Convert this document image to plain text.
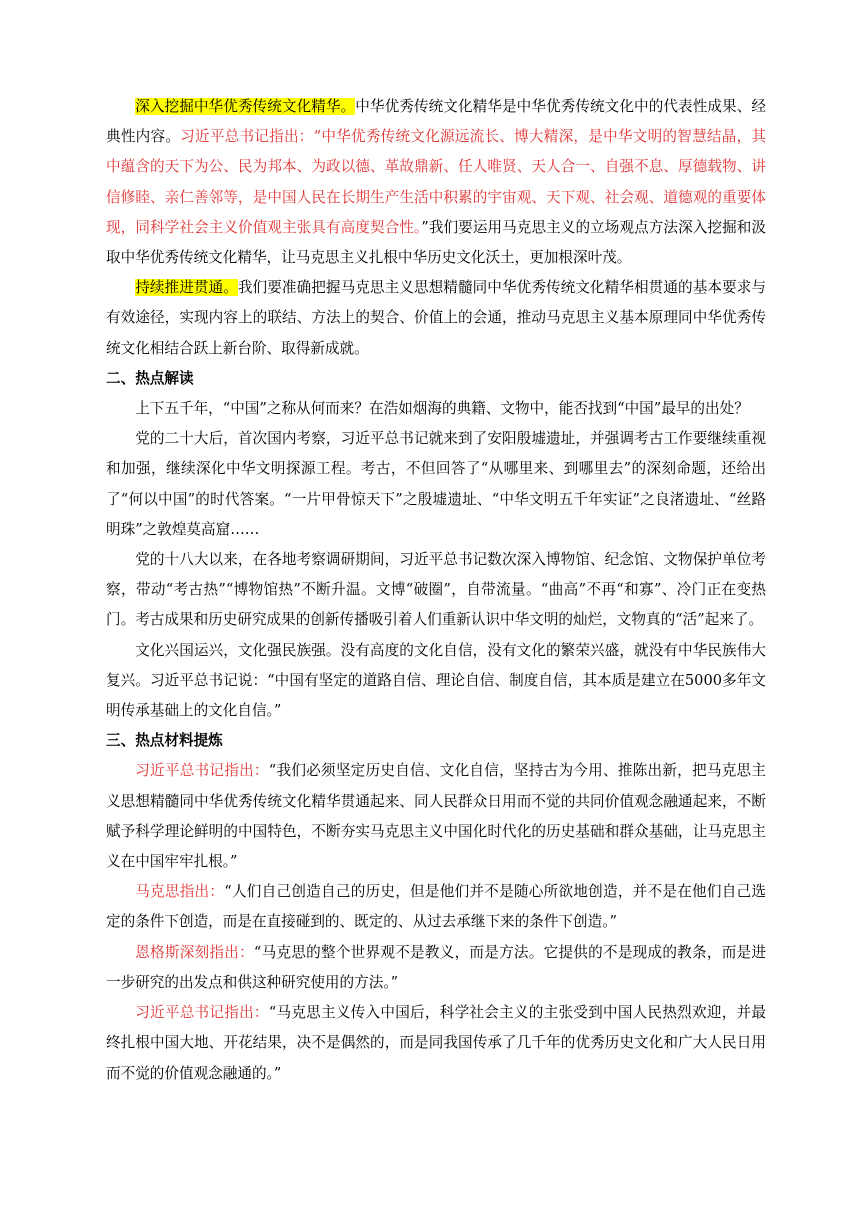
深入挖掘中华优秀传统文化精华。中华优秀传统文化精华是中华优秀传统文化中的代表性成果、经典性内容。习近平总书记指出：“中华优秀传统文化源远流长、博大精深，是中华文明的智慧结晶，其中蕴含的天下为公、民为邦本、为政以德、革故鼎新、任人唯贤、天人合一、自强不息、厚德载物、讲信修睦、亲仁善邻等，是中国人民在长期生产生活中积累的宇宙观、天下观、社会观、道德观的重要体现，同科学社会主义价值观主张具有高度契合性。”我们要运用马克思主义的立场观点方法深入挖掘和汲取中华优秀传统文化精华，让马克思主义扎根中华历史文化沃土，更加根深叶茂。

持续推进贯通。我们要准确把握马克思主义思想精髓同中华优秀传统文化精华相贯通的基本要求与有效途径，实现内容上的联结、方法上的契合、价值上的会通，推动马克思主义基本原理同中华优秀传统文化相结合跃上新台阶、取得新成就。

二、热点解读

上下五千年，“中国”之称从何而来？在浩如烟海的典籍、文物中，能否找到“中国”最早的出处？

党的二十大后，首次国内考察，习近平总书记就来到了安阳殷墟遗址，并强调考古工作要继续重视和加强，继续深化中华文明探源工程。考古，不但回答了“从哪里来、到哪里去”的深刻命题，还给出了“何以中国”的时代答案。“一片甲骨惊天下”之殷墟遗址、“中华文明五千年实证”之良渚遗址、“丝路明珠”之敦煌莫高窟……

党的十八大以来，在各地考察调研期间，习近平总书记数次深入博物馆、纪念馆、文物保护单位考察，带动“考古热”“博物馆热”不断升温。文博“破圈”，自带流量。“曲高”不再“和寡”、冷门正在变热门。考古成果和历史研究成果的创新传播吸引着人们重新认识中华文明的灿烂，文物真的“活”起来了。

文化兴国运兴，文化强民族强。没有高度的文化自信，没有文化的繁荣兴盛，就没有中华民族伟大复兴。习近平总书记说：“中国有坚定的道路自信、理论自信、制度自信，其本质是建立在5000多年文明传承基础上的文化自信。”

三、热点材料提炼

习近平总书记指出：“我们必须坚定历史自信、文化自信，坚持古为今用、推陈出新，把马克思主义思想精髓同中华优秀传统文化精华贯通起来、同人民群众日用而不觉的共同价值观念融通起来，不断赋予科学理论鲜明的中国特色，不断夯实马克思主义中国化时代化的历史基础和群众基础，让马克思主义在中国牢牢扎根。”

马克思指出：“人们自己创造自己的历史，但是他们并不是随心所欲地创造，并不是在他们自己选定的条件下创造，而是在直接碰到的、既定的、从过去承继下来的条件下创造。”

恩格斯深刻指出：“马克思的整个世界观不是教义，而是方法。它提供的不是现成的教条，而是进一步研究的出发点和供这种研究使用的方法。”

习近平总书记指出：“马克思主义传入中国后，科学社会主义的主张受到中国人民热烈欢迎，并最终扎根中国大地、开花结果，决不是偶然的，而是同我国传承了几千年的优秀历史文化和广大人民日用而不觉的价值观念融通的。”
